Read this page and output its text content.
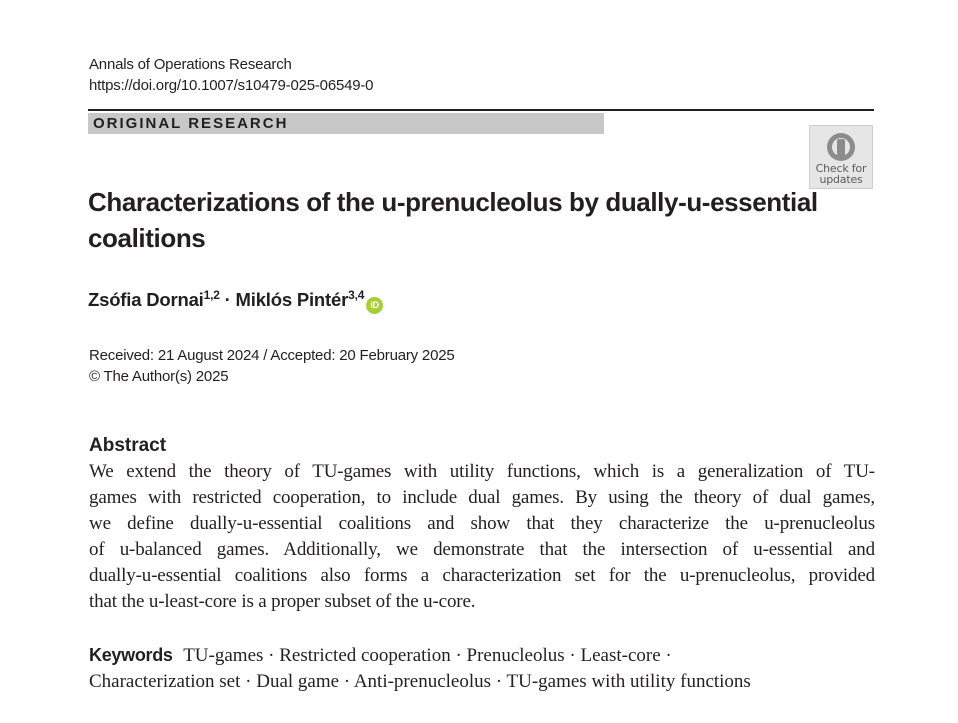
Annals of Operations Research
https://doi.org/10.1007/s10479-025-06549-0
ORIGINAL RESEARCH
Check for
updates
Characterizations of the u-prenucleolus by dually-u-essential
coalitions
Zsófia Dornai$^{1,2}$ · Miklós Pintér$^{3,4}$iD
Received: 21 August 2024 / Accepted: 20 February 2025
© The Author(s) 2025
Abstract
We extend the theory of TU-games with utility functions, which is a generalization of TU-
games with restricted cooperation, to include dual games. By using the theory of dual games,
we define dually-u-essential coalitions and show that they characterize the u-prenucleolus
of u-balanced games. Additionally, we demonstrate that the intersection of u-essential and
dually-u-essential coalitions also forms a characterization set for the u-prenucleolus, provided
that the u-least-core is a proper subset of the u-core.
Keywords TU-games · Restricted cooperation · Prenucleolus · Least-core ·
Characterization set · Dual game · Anti-prenucleolus · TU-games with utility functions
